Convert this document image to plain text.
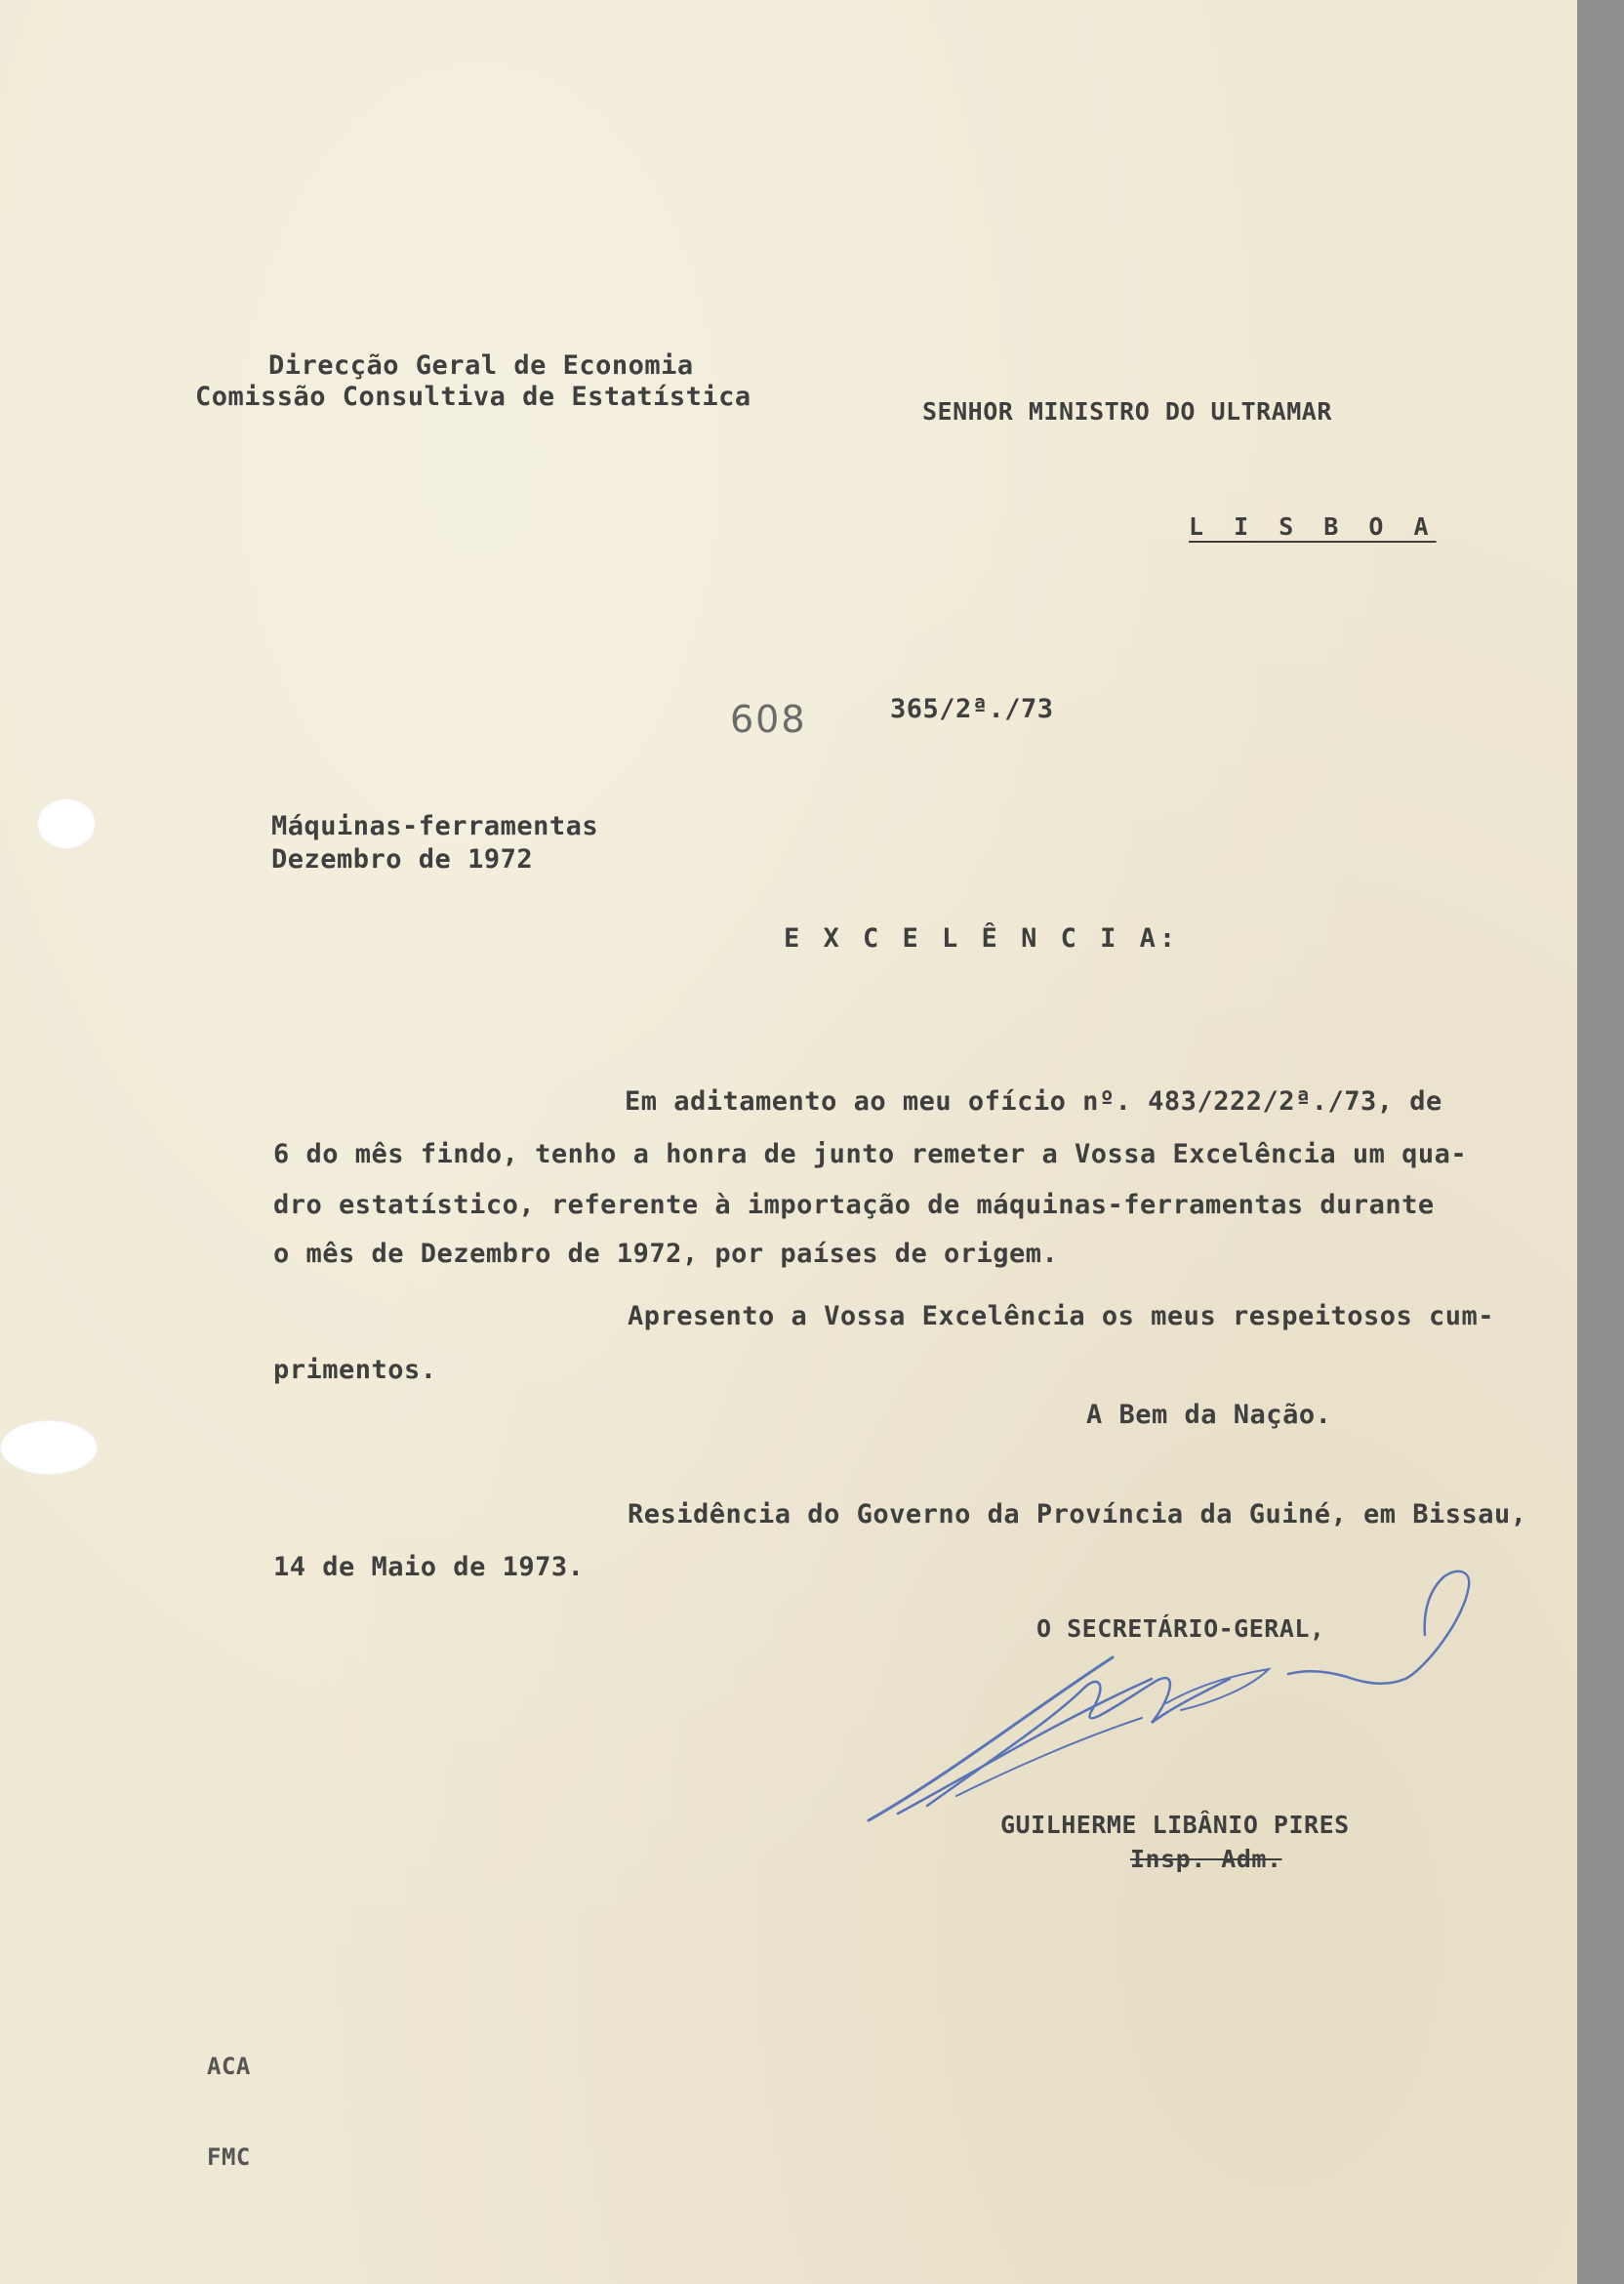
Direcção Geral de Economia
Comissão Consultiva de Estatística	SENHOR MINISTRO DO ULTRAMAR
L I S B O A
608	365/2ª./73
Máquinas-ferramentas
Dezembro de 1972
E X C E L Ê N C I A:
Em aditamento ao meu ofício nº. 483/222/2ª./73, de
6 do mês findo, tenho a honra de junto remeter a Vossa Excelência um qua-
dro estatístico, referente à importação de máquinas-ferramentas durante
o mês de Dezembro de 1972, por países de origem.
Apresento a Vossa Excelência os meus respeitosos cum-
primentos.
A Bem da Nação.
Residência do Governo da Província da Guiné, em Bissau,
14 de Maio de 1973.
O SECRETÁRIO-GERAL,
GUILHERME LIBÂNIO PIRES
Insp. Adm.
ACA
FMC
